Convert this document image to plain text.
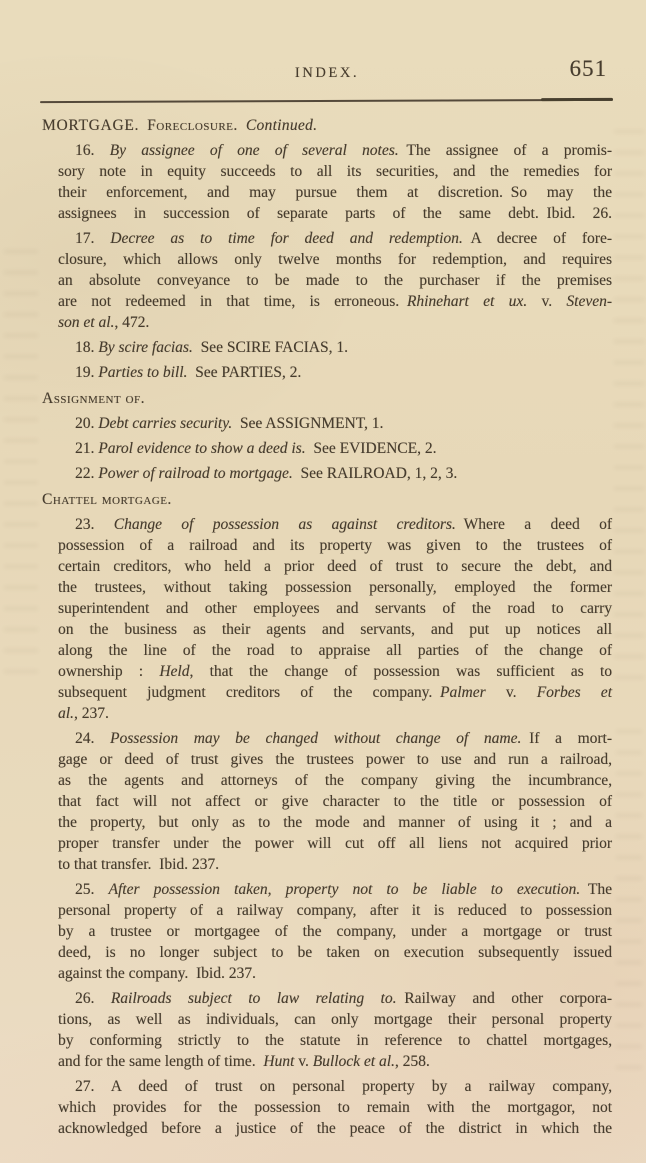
INDEX.	651
MORTGAGE.  Foreclosure.  Continued.
16. By assignee of one of several notes. The assignee of a promis-
sory note in equity succeeds to all its securities, and the remedies for
their enforcement, and may pursue them at discretion. So may the
assignees in succession of separate parts of the same debt. Ibid. 26.
17. Decree as to time for deed and redemption. A decree of fore-
closure, which allows only twelve months for redemption, and requires
an absolute conveyance to be made to the purchaser if the premises
are not redeemed in that time, is erroneous. Rhinehart et ux. v. Steven-
son et al., 472.
18. By scire facias. See SCIRE FACIAS, 1.
19. Parties to bill. See PARTIES, 2.
Assignment of.
20. Debt carries security. See ASSIGNMENT, 1.
21. Parol evidence to show a deed is. See EVIDENCE, 2.
22. Power of railroad to mortgage. See RAILROAD, 1, 2, 3.
Chattel mortgage.
23. Change of possession as against creditors. Where a deed of
possession of a railroad and its property was given to the trustees of
certain creditors, who held a prior deed of trust to secure the debt, and
the trustees, without taking possession personally, employed the former
superintendent and other employees and servants of the road to carry
on the business as their agents and servants, and put up notices all
along the line of the road to appraise all parties of the change of
ownership : Held, that the change of possession was sufficient as to
subsequent judgment creditors of the company. Palmer v. Forbes et
al., 237.
24. Possession may be changed without change of name. If a mort-
gage or deed of trust gives the trustees power to use and run a railroad,
as the agents and attorneys of the company giving the incumbrance,
that fact will not affect or give character to the title or possession of
the property, but only as to the mode and manner of using it ; and a
proper transfer under the power will cut off all liens not acquired prior
to that transfer. Ibid. 237.
25. After possession taken, property not to be liable to execution. The
personal property of a railway company, after it is reduced to possession
by a trustee or mortgagee of the company, under a mortgage or trust
deed, is no longer subject to be taken on execution subsequently issued
against the company. Ibid. 237.
26. Railroads subject to law relating to. Railway and other corpora-
tions, as well as individuals, can only mortgage their personal property
by conforming strictly to the statute in reference to chattel mortgages,
and for the same length of time. Hunt v. Bullock et al., 258.
27. A deed of trust on personal property by a railway company,
which provides for the possession to remain with the mortgagor, not
acknowledged before a justice of the peace of the district in which the
